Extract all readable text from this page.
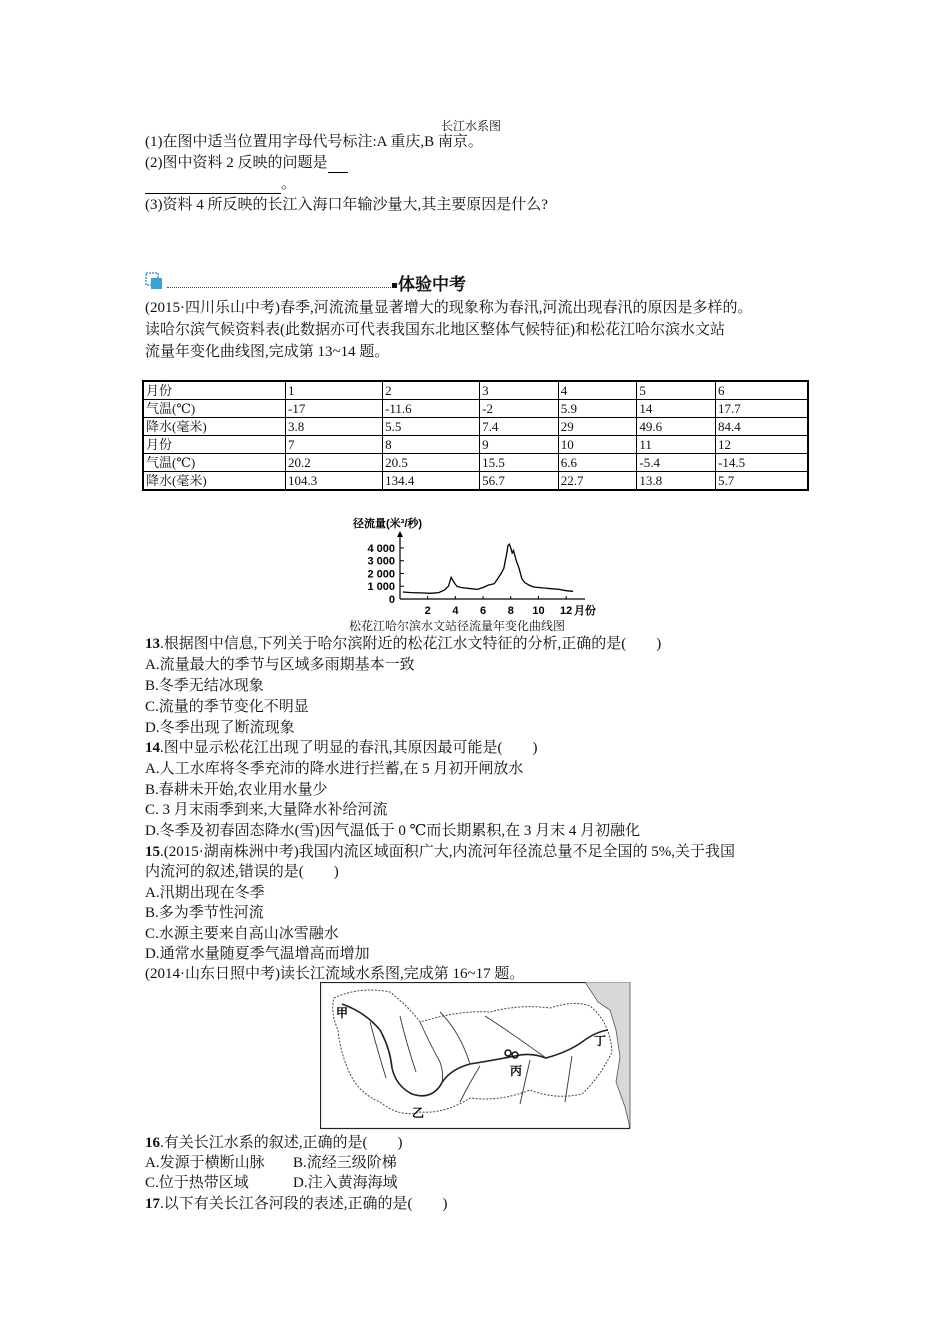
长江水系图
(1)在图中适当位置用字母代号标注:A 重庆,B 南京。
(2)图中资料 2 反映的问题是
。
(3)资料 4 所反映的长江入海口年输沙量大,其主要原因是什么?
体验中考
(2015·四川乐山中考)春季,河流流量显著增大的现象称为春汛,河流出现春汛的原因是多样的。
读哈尔滨气候资料表(此数据亦可代表我国东北地区整体气候特征)和松花江哈尔滨水文站
流量年变化曲线图,完成第 13~14 题。
月份	1	2	3	4	5	6
气温(℃)	-17	-11.6	-2	5.9	14	17.7
降水(毫米)	3.8	5.5	7.4	29	49.6	84.4
月份	7	8	9	10	11	12
气温(℃)	20.2	20.5	15.5	6.6	-5.4	-14.5
降水(毫米)	104.3	134.4	56.7	22.7	13.8	5.7
径流量(米³/秒)
0
1 000
2 000
3 000
4 000
2 4 6 8 10 12 月份
松花江哈尔滨水文站径流量年变化曲线图
13.根据图中信息,下列关于哈尔滨附近的松花江水文特征的分析,正确的是(　　)
A.流量最大的季节与区域多雨期基本一致
B.冬季无结冰现象
C.流量的季节变化不明显
D.冬季出现了断流现象
14.图中显示松花江出现了明显的春汛,其原因最可能是(　　)
A.人工水库将冬季充沛的降水进行拦蓄,在 5 月初开闸放水
B.春耕未开始,农业用水量少
C. 3 月末雨季到来,大量降水补给河流
D.冬季及初春固态降水(雪)因气温低于 0 ℃而长期累积,在 3 月末 4 月初融化
15.(2015·湖南株洲中考)我国内流区域面积广大,内流河年径流总量不足全国的 5%,关于我国
内流河的叙述,错误的是(　　)
A.汛期出现在冬季
B.多为季节性河流
C.水源主要来自高山冰雪融水
D.通常水量随夏季气温增高而增加
(2014·山东日照中考)读长江流域水系图,完成第 16~17 题。
甲
乙
丙
丁
16.有关长江水系的叙述,正确的是(　　)
A.发源于横断山脉 B.流经三级阶梯
C.位于热带区域	D.注入黄海海域
17.以下有关长江各河段的表述,正确的是(　　)
